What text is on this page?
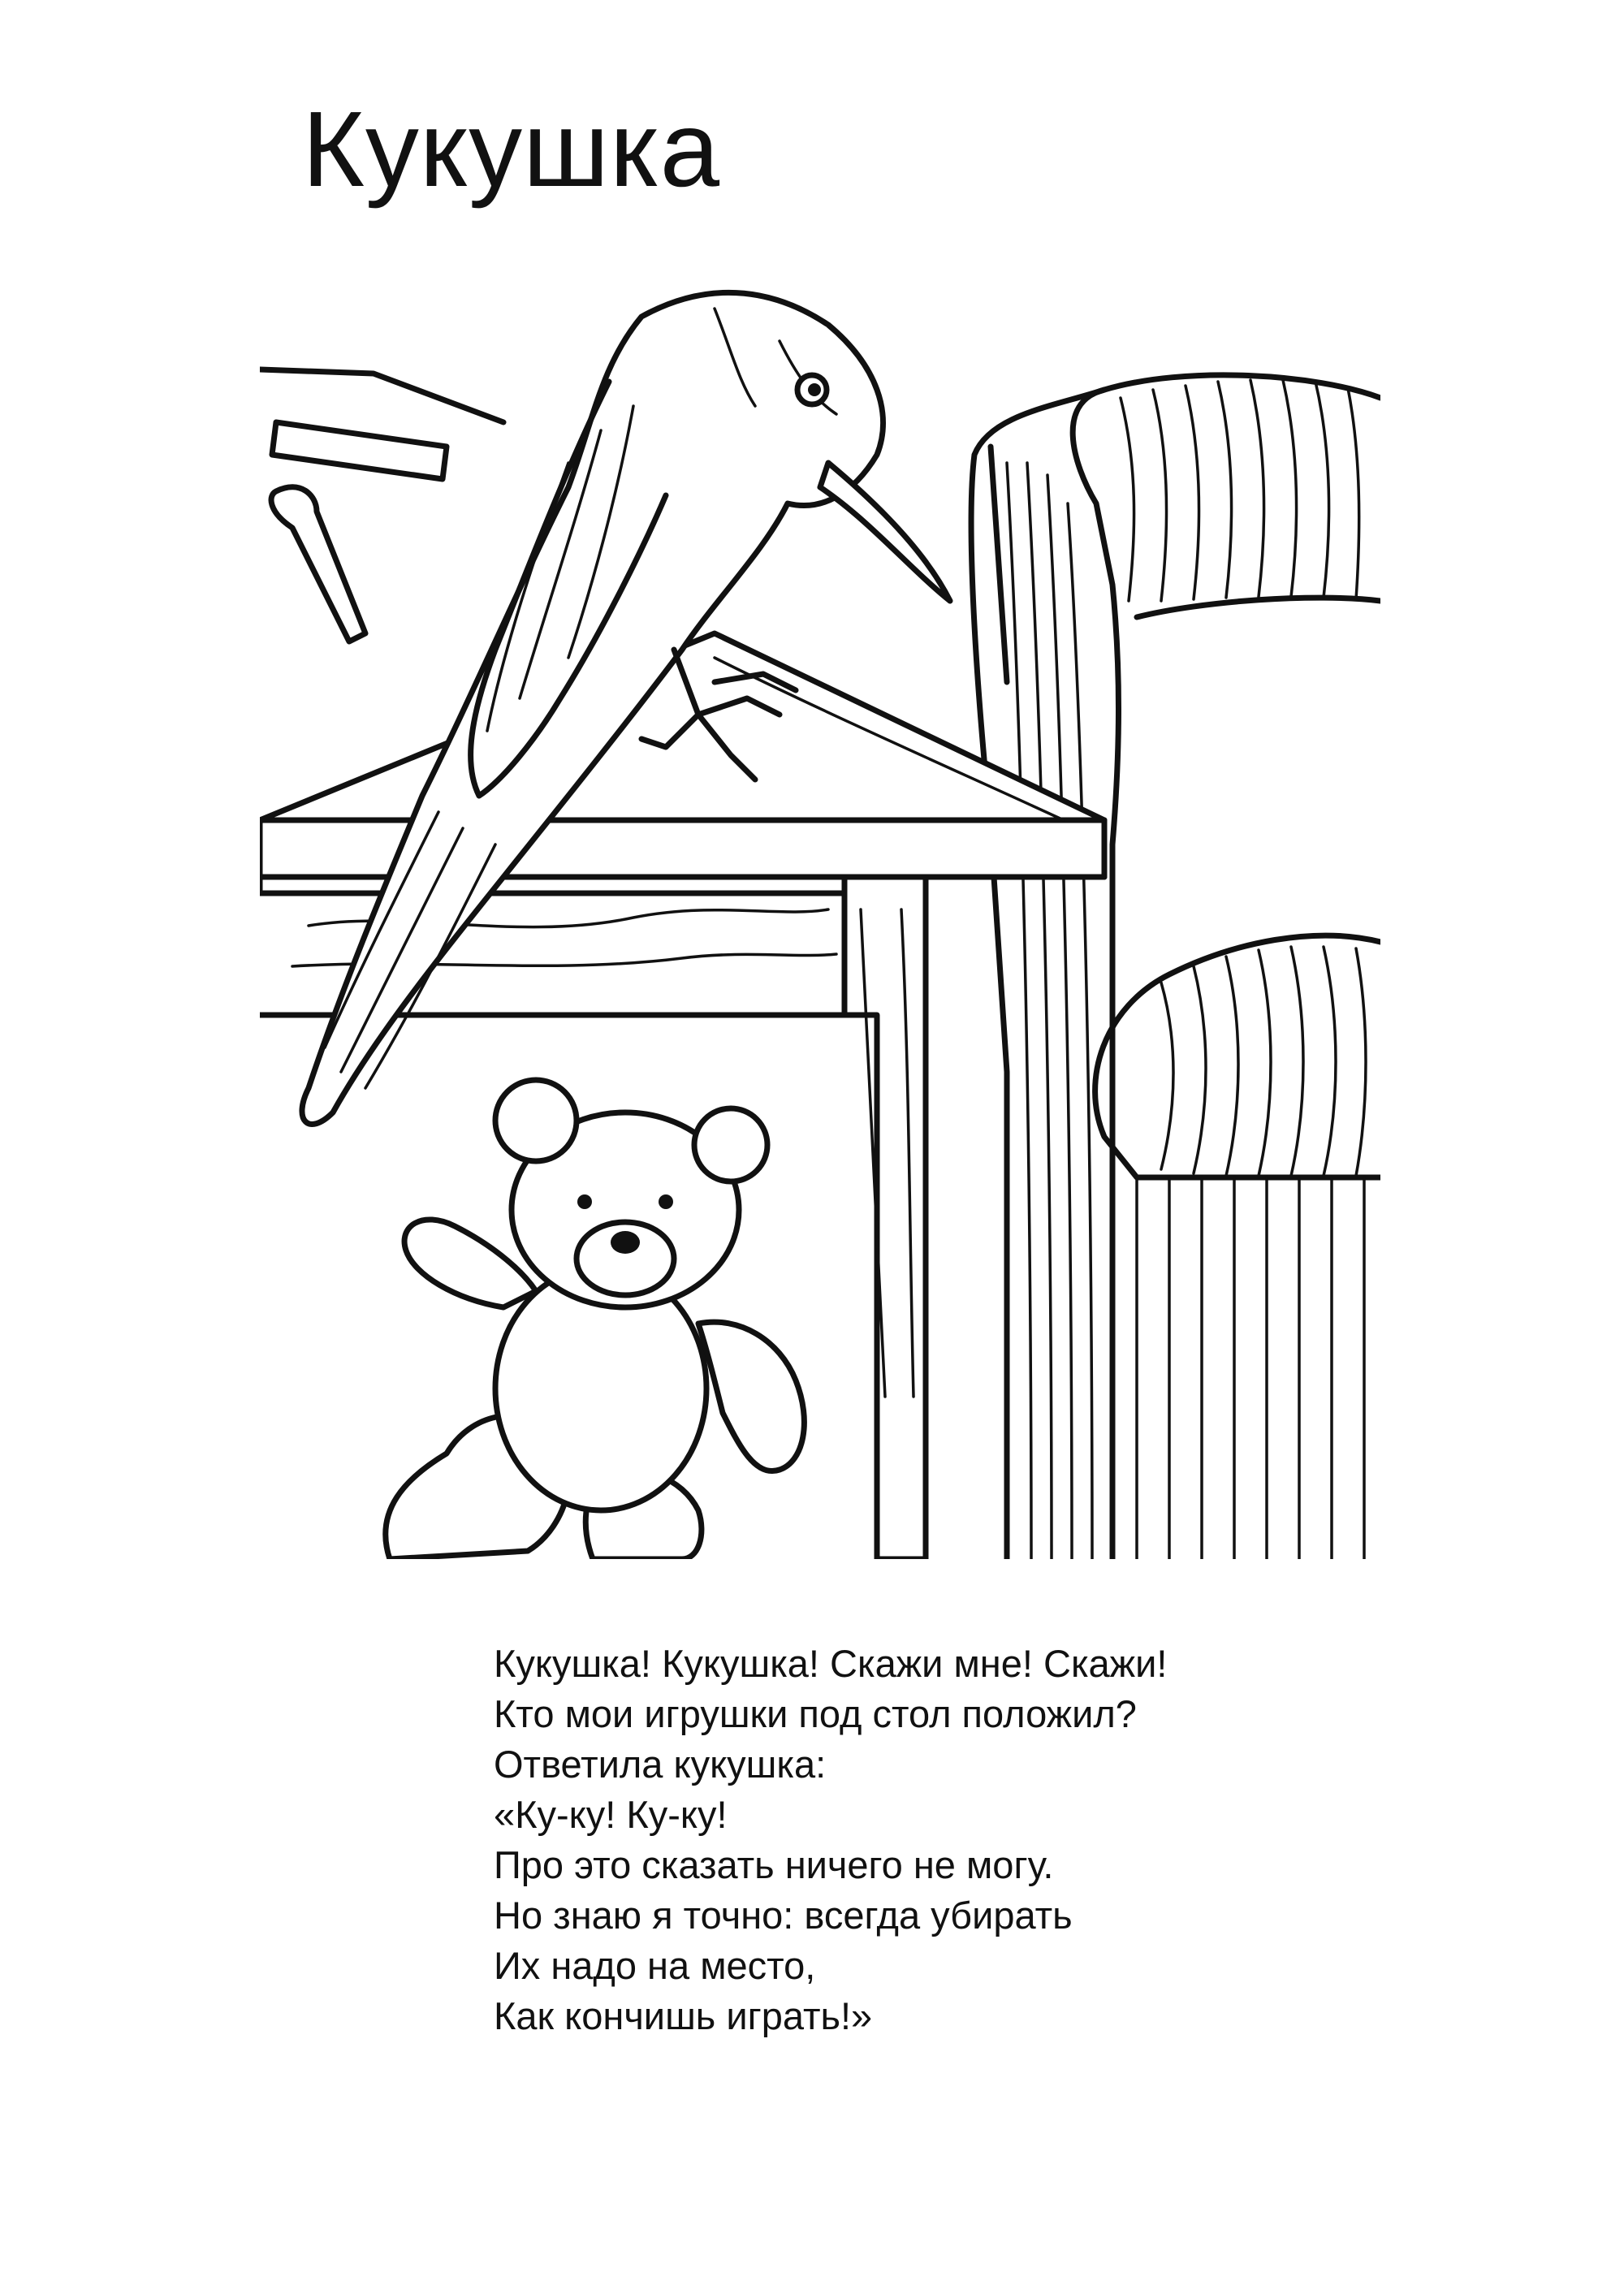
Кукушка
Кукушка! Кукушка! Скажи мне! Скажи!
Кто мои игрушки под стол положил?
Ответила кукушка:
«Ку-ку! Ку-ку!
Про это сказать ничего не могу.
Но знаю я точно: всегда убирать
Их надо на место,
Как кончишь играть!»
